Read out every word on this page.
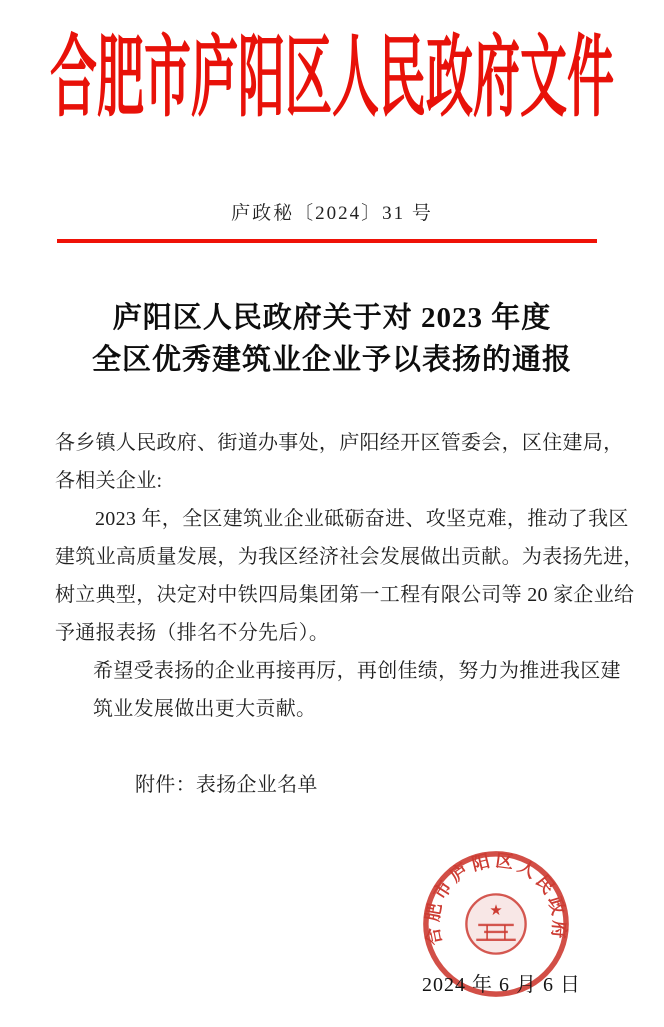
合肥市庐阳区人民政府文件
庐政秘〔2024〕31 号
庐阳区人民政府关于对 2023 年度
全区优秀建筑业企业予以表扬的通报
各乡镇人民政府、街道办事处，庐阳经开区管委会，区住建局，
各相关企业:
2023 年，全区建筑业企业砥砺奋进、攻坚克难，推动了我区
建筑业高质量发展，为我区经济社会发展做出贡献。为表扬先进，
树立典型，决定对中铁四局集团第一工程有限公司等 20 家企业给
予通报表扬（排名不分先后）。
希望受表扬的企业再接再厉，再创佳绩，努力为推进我区建
筑业发展做出更大贡献。
附件：表扬企业名单
合肥市庐阳区人民政府
★
2024 年 6 月 6 日
